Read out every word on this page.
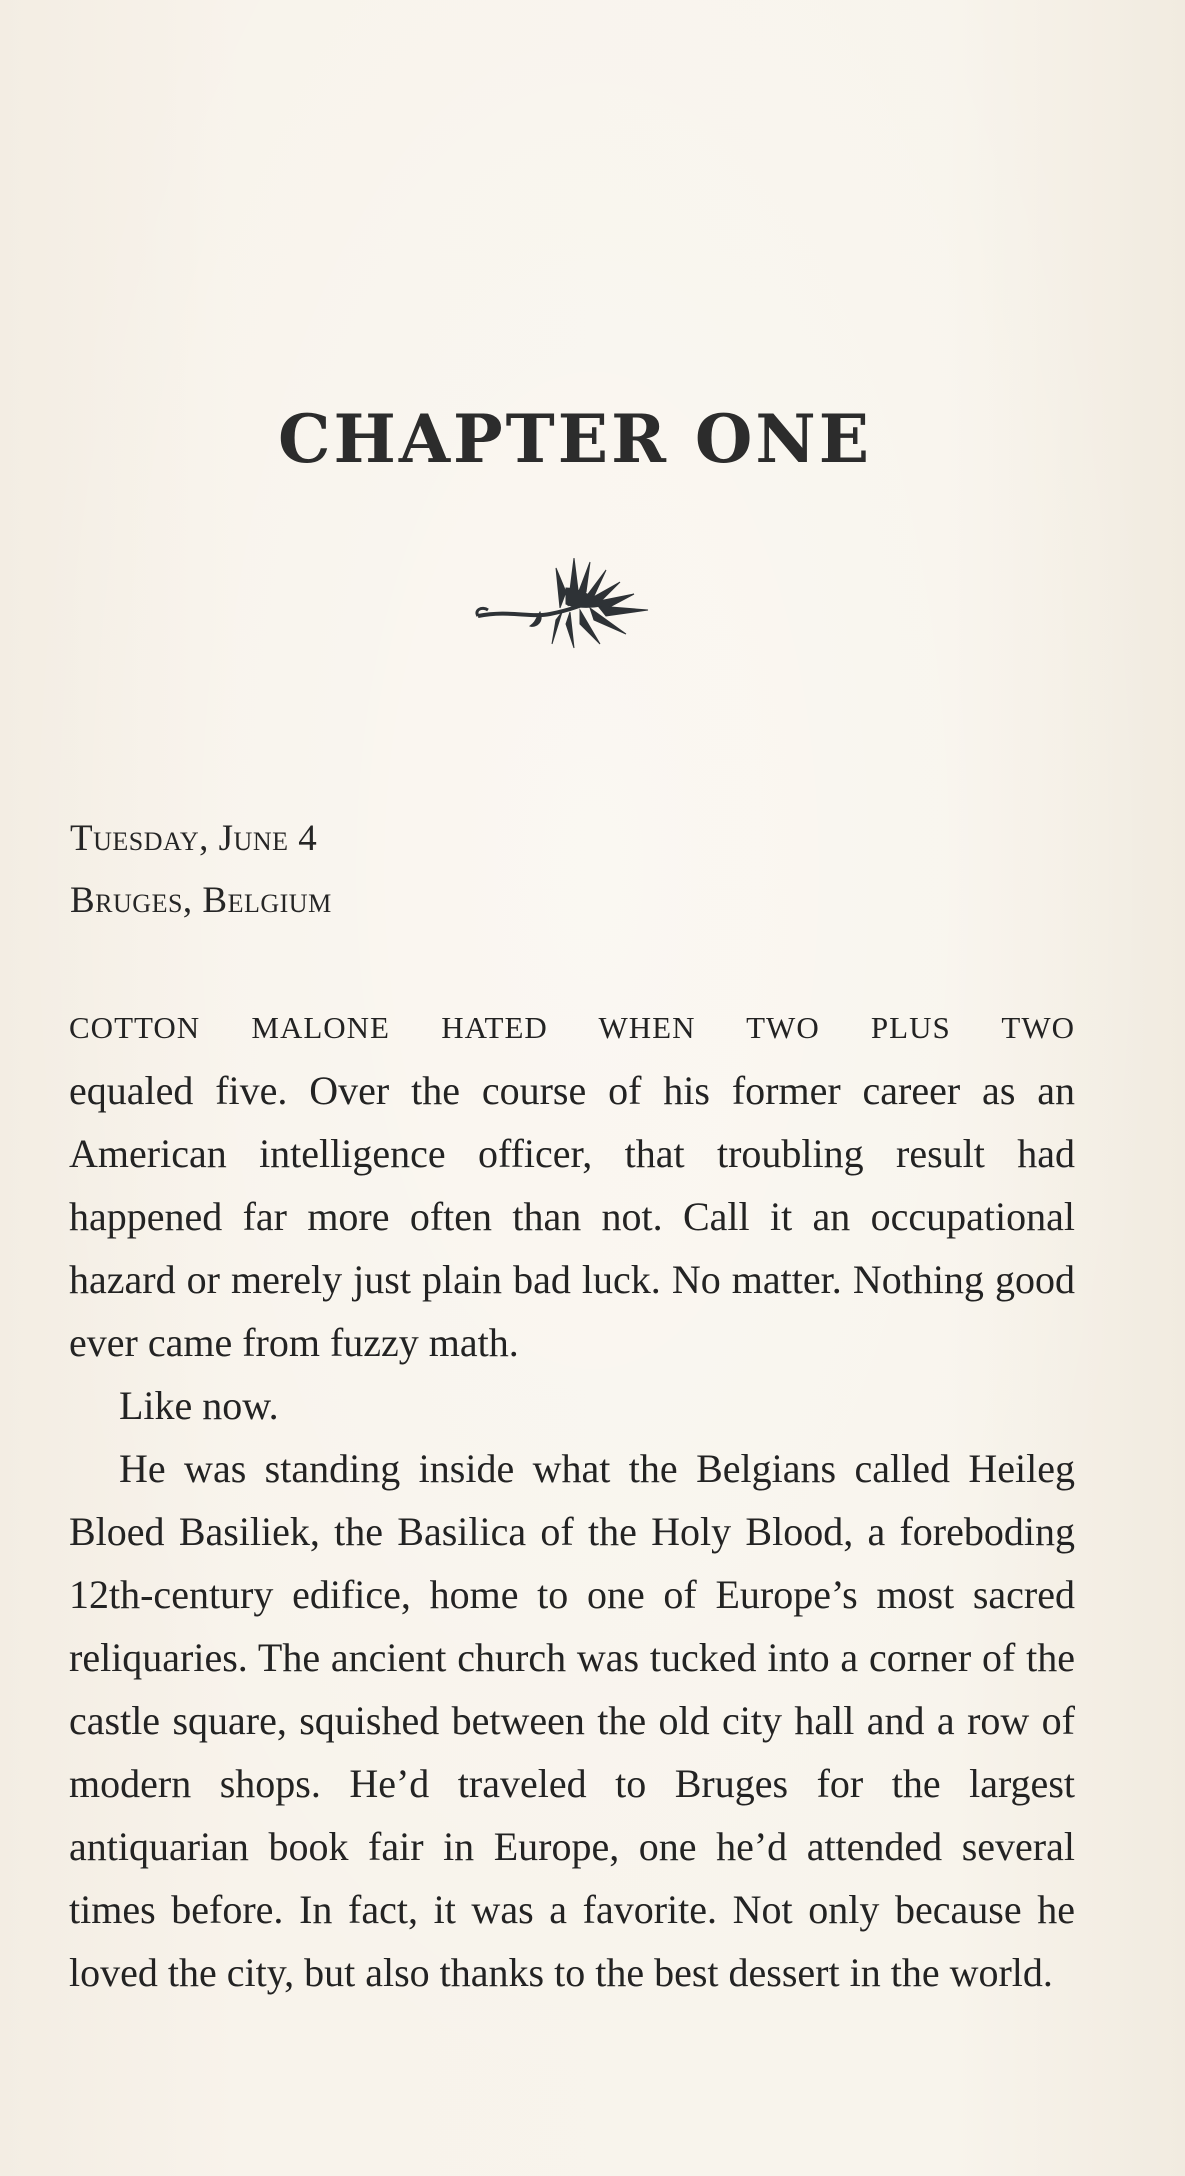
CHAPTER ONE
Tuesday, June 4
Bruges, Belgium

COTTON MALONE HATED WHEN TWO PLUS TWO
equaled five. Over the course of his former career as an American intelligence officer, that troubling result had happened far more often than not. Call it an occupational hazard or merely just plain bad luck. No matter. Nothing good ever came from fuzzy math.

Like now.

He was standing inside what the Belgians called Heileg Bloed Basiliek, the Basilica of the Holy Blood, a foreboding 12th-century edifice, home to one of Europe’s most sacred reliquaries. The ancient church was tucked into a corner of the castle square, squished between the old city hall and a row of modern shops. He’d traveled to Bruges for the largest antiquarian book fair in Europe, one he’d attended several times before. In fact, it was a favorite. Not only because he loved the city, but also thanks to the best dessert in the world.
